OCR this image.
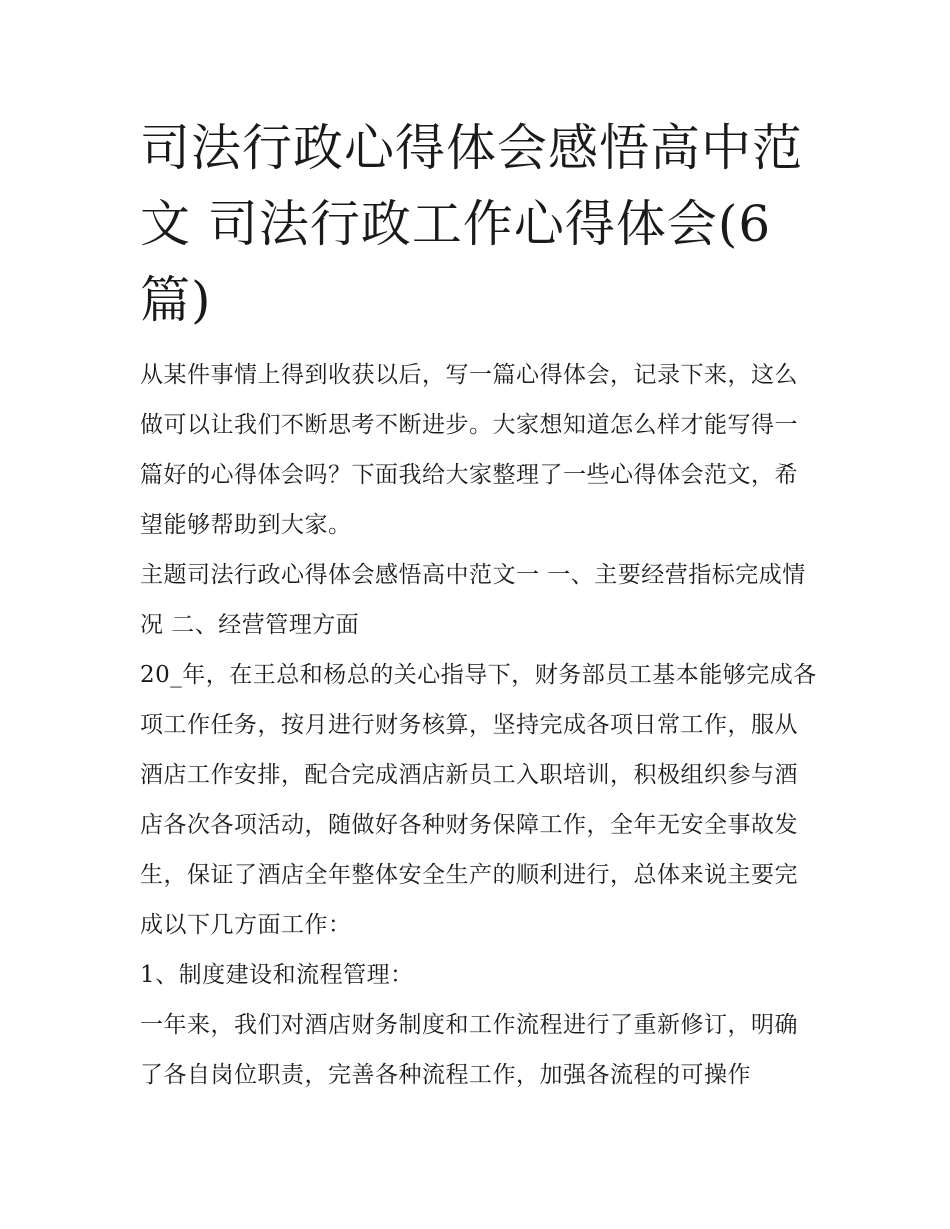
司法行政心得体会感悟高中范文 司法行政工作心得体会(6篇)

从某件事情上得到收获以后，写一篇心得体会，记录下来，这么做可以让我们不断思考不断进步。大家想知道怎么样才能写得一篇好的心得体会吗？下面我给大家整理了一些心得体会范文，希望能够帮助到大家。

主题司法行政心得体会感悟高中范文一 一、主要经营指标完成情况 二、经营管理方面

20_年，在王总和杨总的关心指导下，财务部员工基本能够完成各项工作任务，按月进行财务核算，坚持完成各项日常工作，服从酒店工作安排，配合完成酒店新员工入职培训，积极组织参与酒店各次各项活动，随做好各种财务保障工作，全年无安全事故发生，保证了酒店全年整体安全生产的顺利进行，总体来说主要完成以下几方面工作：

1、制度建设和流程管理：

一年来，我们对酒店财务制度和工作流程进行了重新修订，明确了各自岗位职责，完善各种流程工作，加强各流程的可操作
